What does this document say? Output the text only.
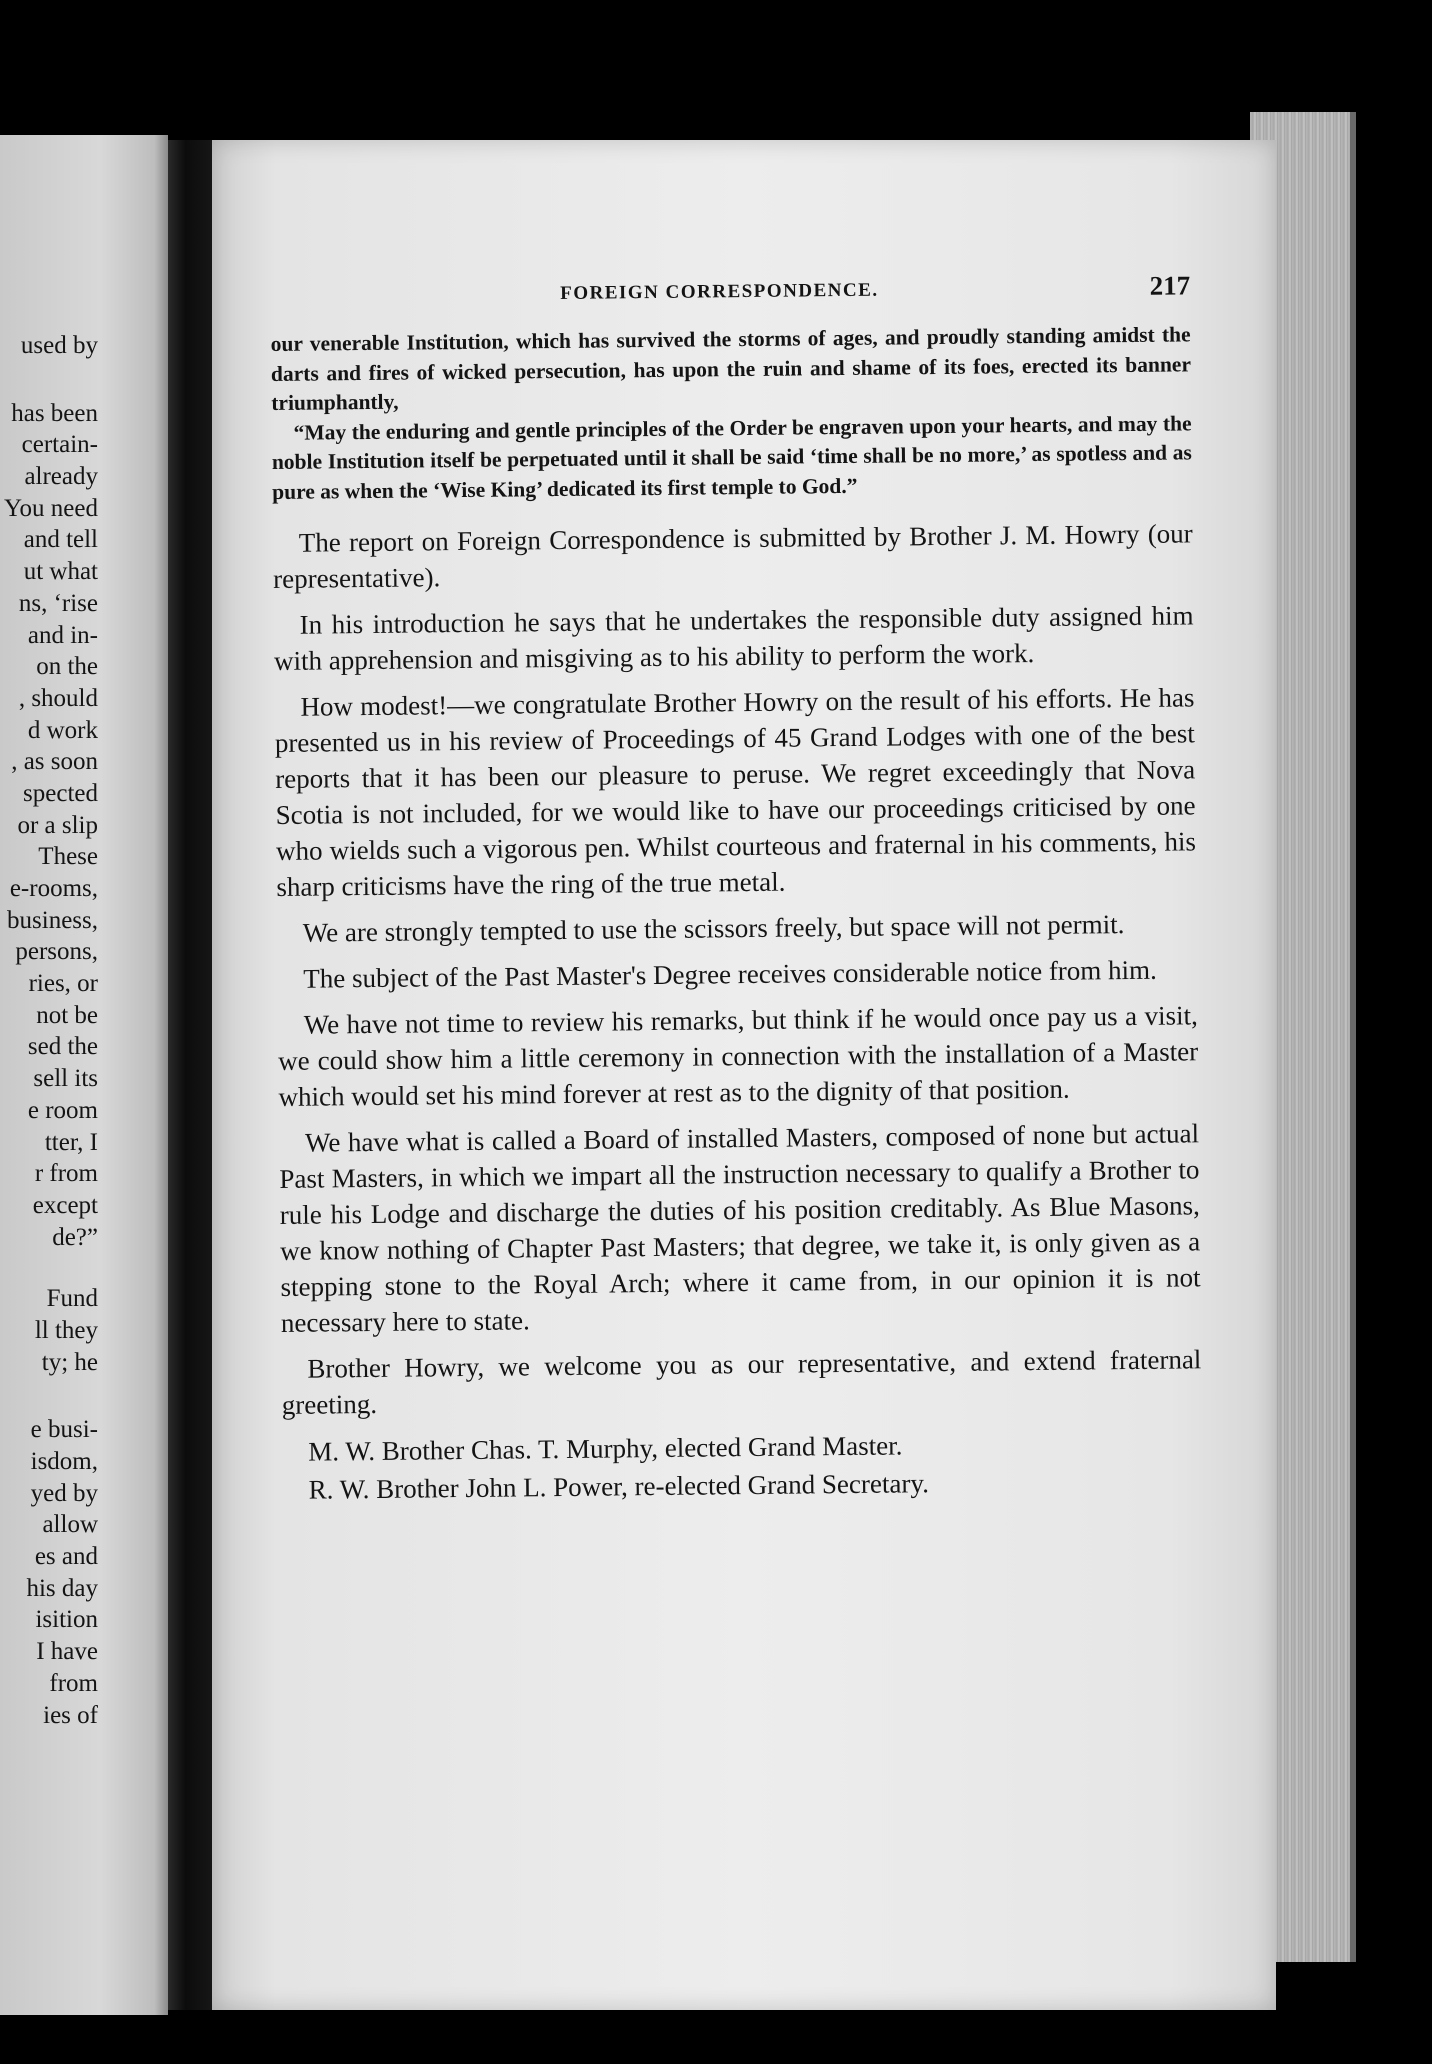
used by
has been
certain-
already
You need
and tell
ut what
ns, ‘rise
and in-
on the
, should
d work
, as soon
spected
or a slip
These
e-rooms,
business,
persons,
ries, or
not be
sed the
sell its
e room
tter, I
r from
except
de?”
Fund
ll they
ty; he
e busi-
isdom,
yed by
allow
es and
his day
isition
I have
from
ies of
FOREIGN CORRESPONDENCE.	217

our venerable Institution, which has survived the storms of ages, and proudly standing amidst the darts and fires of wicked persecution, has upon the ruin and shame of its foes, erected its banner triumphantly,

“May the enduring and gentle principles of the Order be engraven upon your hearts, and may the noble Institution itself be perpetuated until it shall be said ‘time shall be no more,’ as spotless and as pure as when the ‘Wise King’ dedicated its first temple to God.”

The report on Foreign Correspondence is submitted by Brother J. M. Howry (our representative).

In his introduction he says that he undertakes the responsible duty assigned him with apprehension and misgiving as to his ability to perform the work.

How modest!—we congratulate Brother Howry on the result of his efforts. He has presented us in his review of Proceedings of 45 Grand Lodges with one of the best reports that it has been our pleasure to peruse. We regret exceedingly that Nova Scotia is not included, for we would like to have our proceedings criticised by one who wields such a vigorous pen. Whilst courteous and fraternal in his comments, his sharp criticisms have the ring of the true metal.

We are strongly tempted to use the scissors freely, but space will not permit.

The subject of the Past Master's Degree receives considerable notice from him.

We have not time to review his remarks, but think if he would once pay us a visit, we could show him a little ceremony in connection with the installation of a Master which would set his mind forever at rest as to the dignity of that position.

We have what is called a Board of installed Masters, composed of none but actual Past Masters, in which we impart all the instruction necessary to qualify a Brother to rule his Lodge and discharge the duties of his position creditably. As Blue Masons, we know nothing of Chapter Past Masters; that degree, we take it, is only given as a stepping stone to the Royal Arch; where it came from, in our opinion it is not necessary here to state.

Brother Howry, we welcome you as our representative, and extend fraternal greeting.

M. W. Brother Chas. T. Murphy, elected Grand Master.
R. W. Brother John L. Power, re-elected Grand Secretary.
